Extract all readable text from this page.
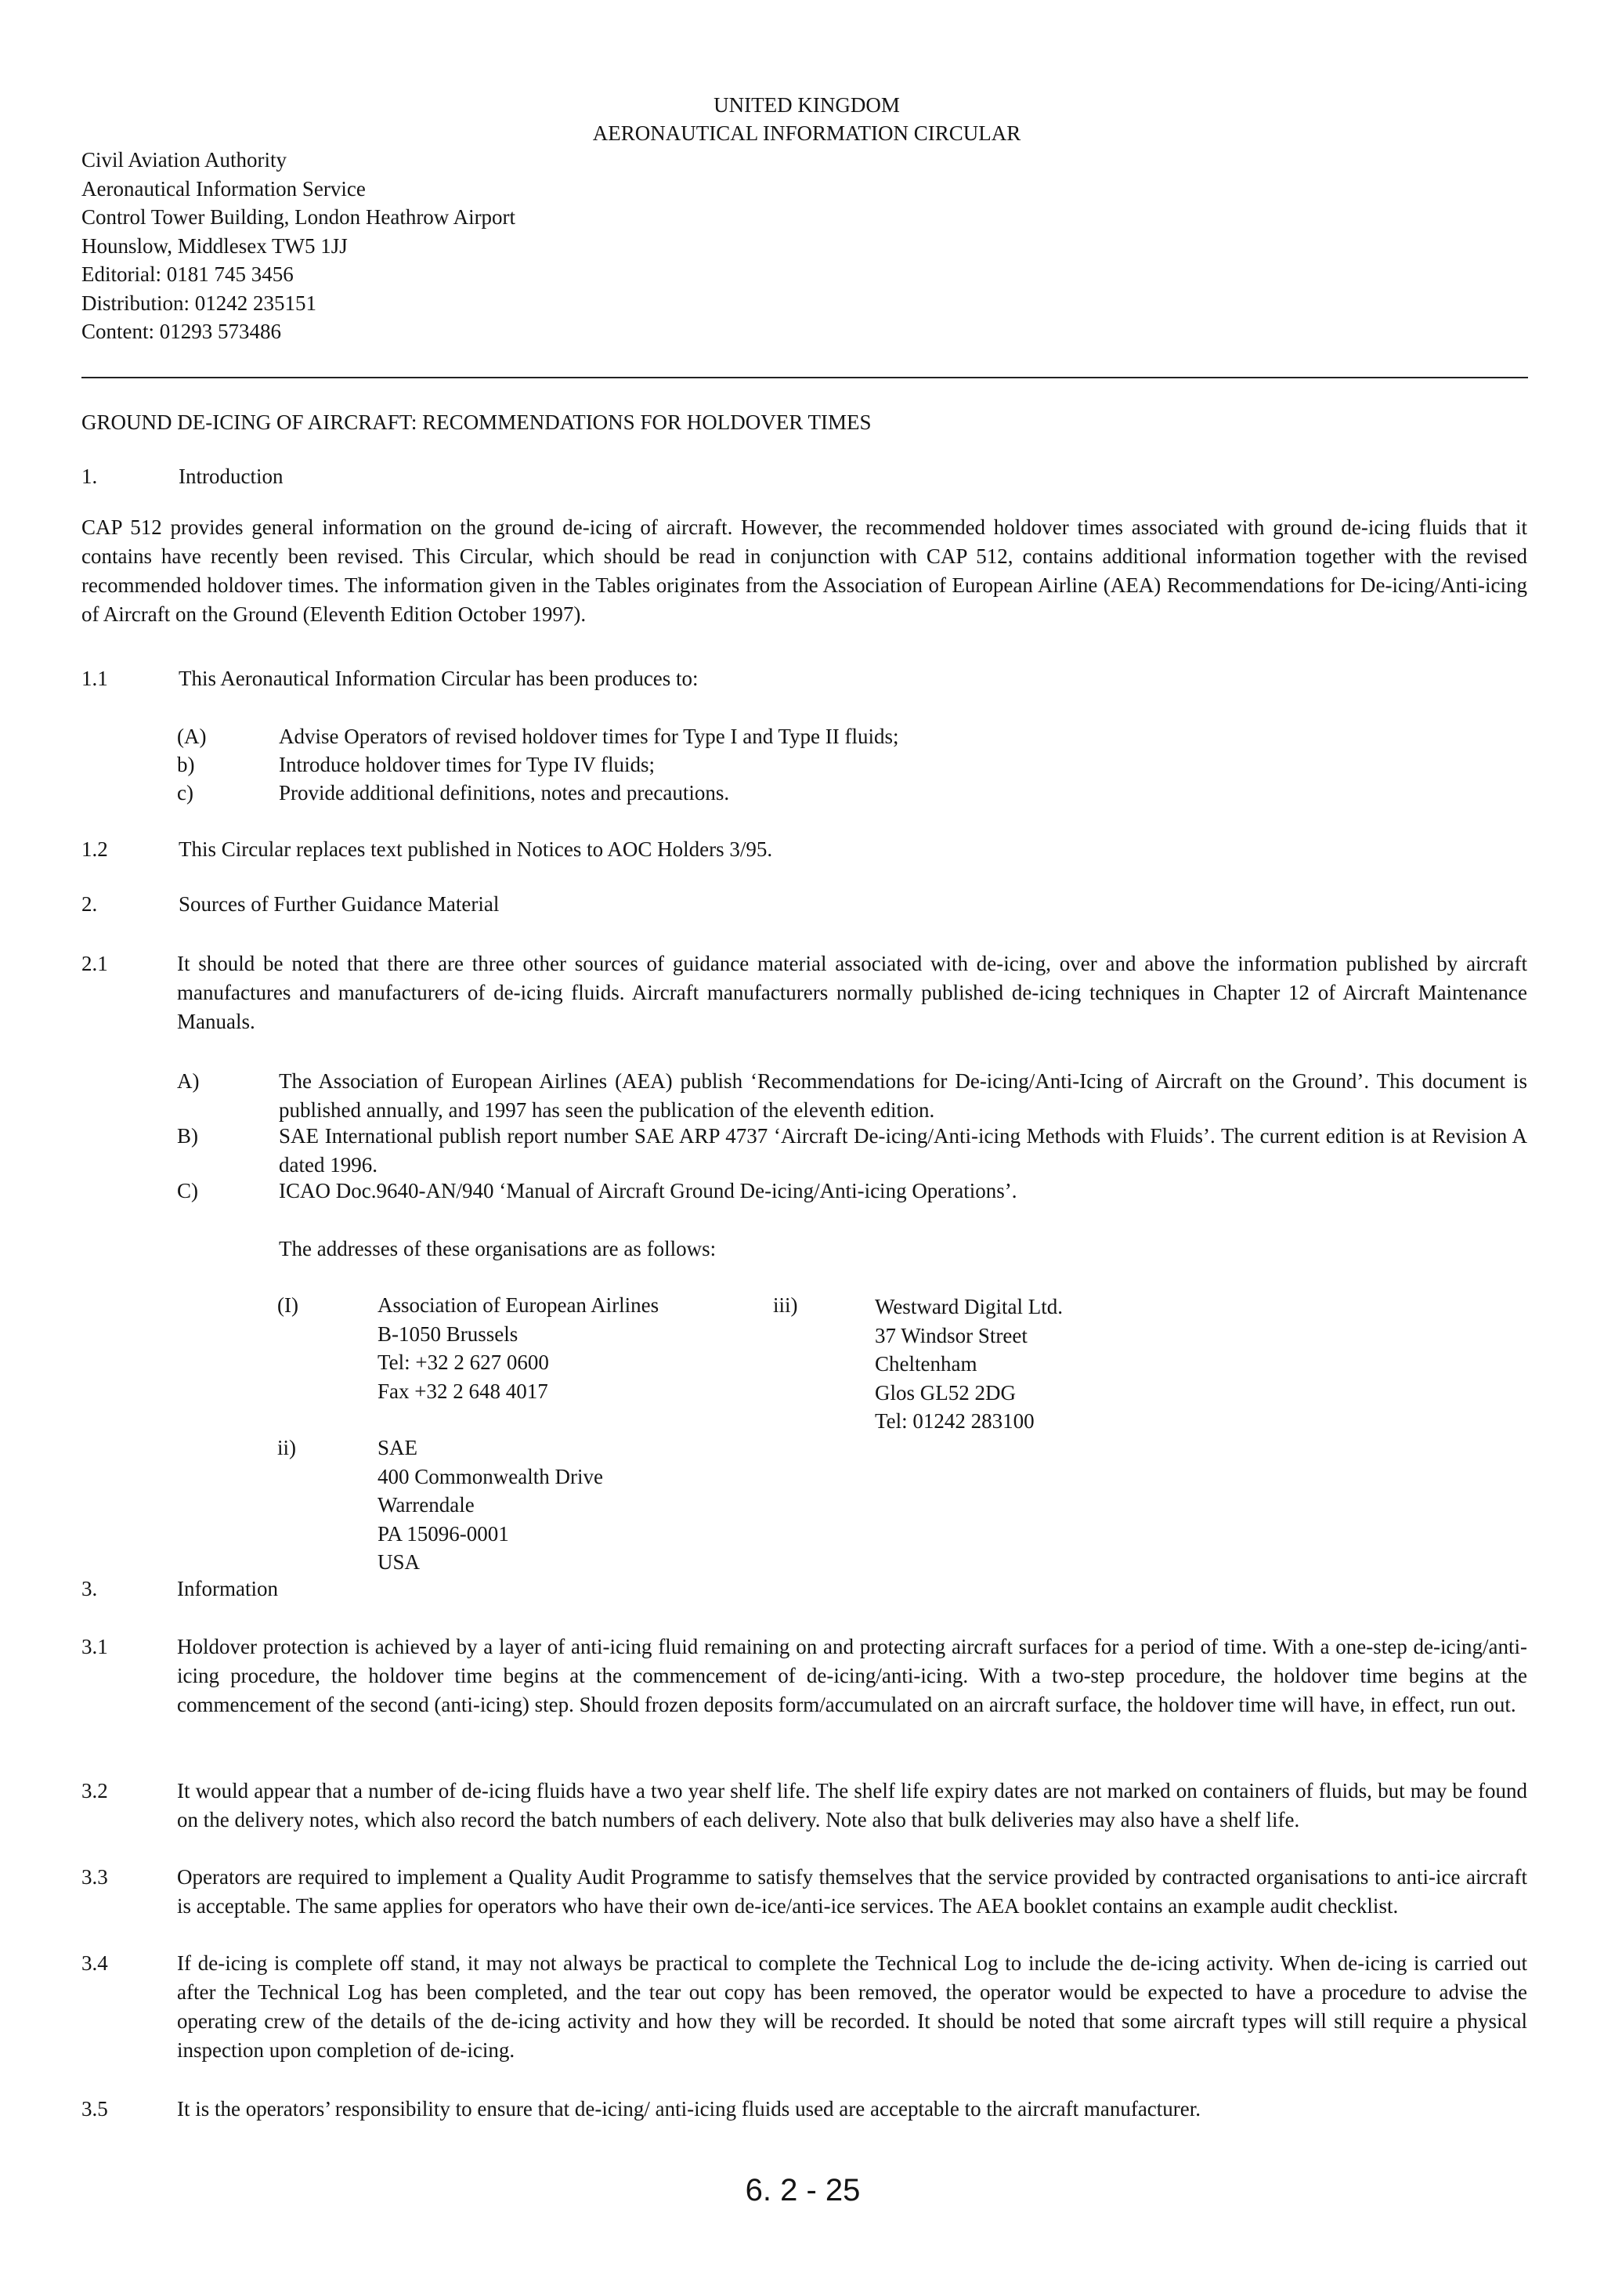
UNITED KINGDOM
AERONAUTICAL INFORMATION CIRCULAR
Civil Aviation Authority
Aeronautical Information Service
Control Tower Building, London Heathrow Airport
Hounslow, Middlesex TW5 1JJ
Editorial: 0181 745 3456
Distribution: 01242 235151
Content: 01293 573486
GROUND DE-ICING OF AIRCRAFT: RECOMMENDATIONS FOR HOLDOVER TIMES
1.	Introduction
CAP 512 provides general information on the ground de-icing of aircraft. However, the recommended holdover times associated with ground de-icing fluids that it contains have recently been revised. This Circular, which should be read in conjunction with CAP 512, contains additional information together with the revised recommended holdover times. The information given in the Tables originates from the Association of European Airline (AEA) Recommendations for De-icing/Anti-icing of Aircraft on the Ground (Eleventh Edition October 1997).
1.1	This Aeronautical Information Circular has been produces to:
(A)	Advise Operators of revised holdover times for Type I and Type II fluids;
b)	Introduce holdover times for Type IV fluids;
c)	Provide additional definitions, notes and precautions.
1.2	This Circular replaces text published in Notices to AOC Holders 3/95.
2.	Sources of Further Guidance Material
2.1	It should be noted that there are three other sources of guidance material associated with de-icing, over and above the information published by aircraft manufactures and manufacturers of de-icing fluids. Aircraft manufacturers normally published de-icing techniques in Chapter 12 of Aircraft Maintenance Manuals.
A)	The Association of European Airlines (AEA) publish ‘Recommendations for De-icing/Anti-Icing of Aircraft on the Ground’. This document is published annually, and 1997 has seen the publication of the eleventh edition.
B)	SAE International publish report number SAE ARP 4737 ‘Aircraft De-icing/Anti-icing Methods with Fluids’. The current edition is at Revision A dated 1996.
C)	ICAO Doc.9640-AN/940 ‘Manual of Aircraft Ground De-icing/Anti-icing Operations’.
The addresses of these organisations are as follows:
(I)	Association of European Airlines
B-1050 Brussels
Tel: +32 2 627 0600
Fax +32 2 648 4017
ii)	SAE
400 Commonwealth Drive
Warrendale
PA 15096-0001
USA
iii)	Westward Digital Ltd.
37 Windsor Street
Cheltenham
Glos GL52 2DG
Tel: 01242 283100
3.	Information
3.1	Holdover protection is achieved by a layer of anti-icing fluid remaining on and protecting aircraft surfaces for a period of time. With a one-step de-icing/anti-icing procedure, the holdover time begins at the commencement of de-icing/anti-icing. With a two-step procedure, the holdover time begins at the commencement of the second (anti-icing) step. Should frozen deposits form/accumulated on an aircraft surface, the holdover time will have, in effect, run out.
3.2	It would appear that a number of de-icing fluids have a two year shelf life. The shelf life expiry dates are not marked on containers of fluids, but may be found on the delivery notes, which also record the batch numbers of each delivery. Note also that bulk deliveries may also have a shelf life.
3.3	Operators are required to implement a Quality Audit Programme to satisfy themselves that the service provided by contracted organisations to anti-ice aircraft is acceptable. The same applies for operators who have their own de-ice/anti-ice services. The AEA booklet contains an example audit checklist.
3.4	If de-icing is complete off stand, it may not always be practical to complete the Technical Log to include the de-icing activity. When de-icing is carried out after the Technical Log has been completed, and the tear out copy has been removed, the operator would be expected to have a procedure to advise the operating crew of the details of the de-icing activity and how they will be recorded. It should be noted that some aircraft types will still require a physical inspection upon completion of de-icing.
3.5	It is the operators’ responsibility to ensure that de-icing/ anti-icing fluids used are acceptable to the aircraft manufacturer.
6. 2 - 25
